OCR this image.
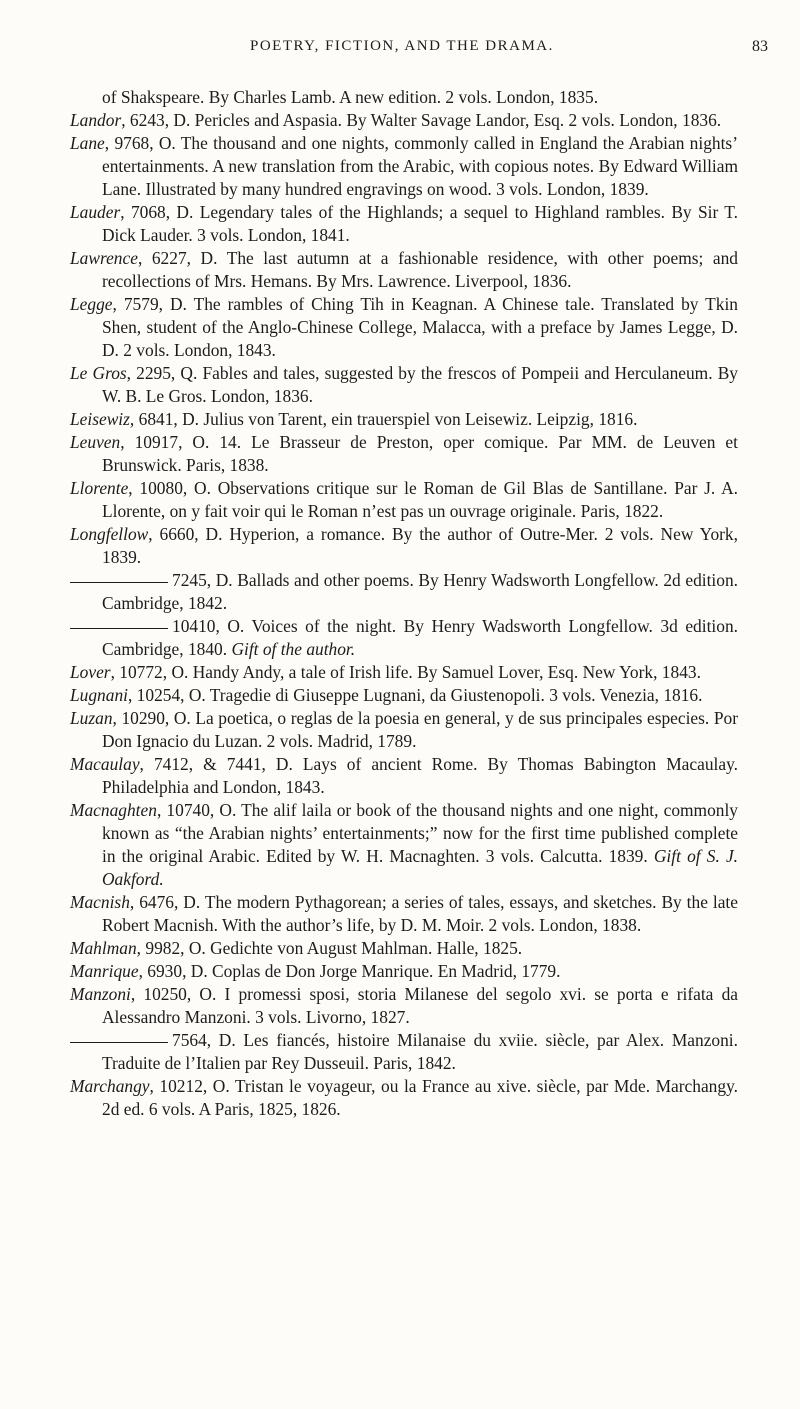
POETRY, FICTION, AND THE DRAMA.	83

of Shakspeare. By Charles Lamb. A new edition. 2 vols. London, 1835.

Landor, 6243, D. Pericles and Aspasia. By Walter Savage Landor, Esq. 2 vols. London, 1836.

Lane, 9768, O. The thousand and one nights, commonly called in England the Arabian nights’ entertainments. A new translation from the Arabic, with copious notes. By Edward William Lane. Illustrated by many hundred engravings on wood. 3 vols. London, 1839.

Lauder, 7068, D. Legendary tales of the Highlands; a sequel to Highland rambles. By Sir T. Dick Lauder. 3 vols. London, 1841.

Lawrence, 6227, D. The last autumn at a fashionable residence, with other poems; and recollections of Mrs. Hemans. By Mrs. Lawrence. Liverpool, 1836.

Legge, 7579, D. The rambles of Ching Tih in Keagnan. A Chinese tale. Translated by Tkin Shen, student of the Anglo-Chinese College, Malacca, with a preface by James Legge, D. D. 2 vols. London, 1843.

Le Gros, 2295, Q. Fables and tales, suggested by the frescos of Pompeii and Herculaneum. By W. B. Le Gros. London, 1836.

Leisewiz, 6841, D. Julius von Tarent, ein trauerspiel von Leisewiz. Leipzig, 1816.

Leuven, 10917, O. 14. Le Brasseur de Preston, oper comique. Par MM. de Leuven et Brunswick. Paris, 1838.

Llorente, 10080, O. Observations critique sur le Roman de Gil Blas de Santillane. Par J. A. Llorente, on y fait voir qui le Roman n’est pas un ouvrage originale. Paris, 1822.

Longfellow, 6660, D. Hyperion, a romance. By the author of Outre-Mer. 2 vols. New York, 1839.

7245, D. Ballads and other poems. By Henry Wadsworth Longfellow. 2d edition. Cambridge, 1842.

10410, O. Voices of the night. By Henry Wadsworth Longfellow. 3d edition. Cambridge, 1840. Gift of the author.

Lover, 10772, O. Handy Andy, a tale of Irish life. By Samuel Lover, Esq. New York, 1843.

Lugnani, 10254, O. Tragedie di Giuseppe Lugnani, da Giustenopoli. 3 vols. Venezia, 1816.

Luzan, 10290, O. La poetica, o reglas de la poesia en general, y de sus principales especies. Por Don Ignacio du Luzan. 2 vols. Madrid, 1789.

Macaulay, 7412, & 7441, D. Lays of ancient Rome. By Thomas Babington Macaulay. Philadelphia and London, 1843.

Macnaghten, 10740, O. The alif laila or book of the thousand nights and one night, commonly known as “the Arabian nights’ entertainments;” now for the first time published complete in the original Arabic. Edited by W. H. Macnaghten. 3 vols. Calcutta. 1839. Gift of S. J. Oakford.

Macnish, 6476, D. The modern Pythagorean; a series of tales, essays, and sketches. By the late Robert Macnish. With the author’s life, by D. M. Moir. 2 vols. London, 1838.

Mahlman, 9982, O. Gedichte von August Mahlman. Halle, 1825.

Manrique, 6930, D. Coplas de Don Jorge Manrique. En Madrid, 1779.

Manzoni, 10250, O. I promessi sposi, storia Milanese del segolo xvi. se porta e rifata da Alessandro Manzoni. 3 vols. Livorno, 1827.

7564, D. Les fiancés, histoire Milanaise du xviie. siècle, par Alex. Manzoni. Traduite de l’Italien par Rey Dusseuil. Paris, 1842.

Marchangy, 10212, O. Tristan le voyageur, ou la France au xive. siècle, par Mde. Marchangy. 2d ed. 6 vols. A Paris, 1825, 1826.
